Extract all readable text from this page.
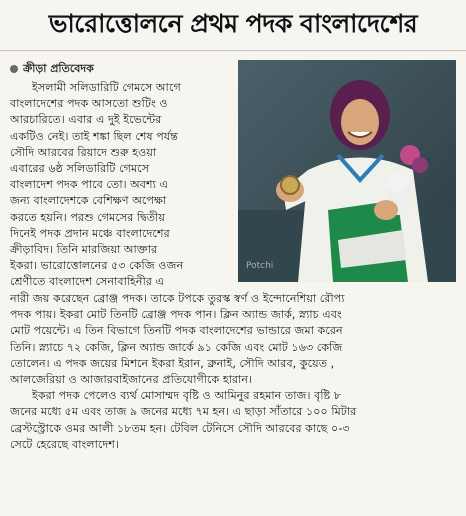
ভারোত্তোলনে প্রথম পদক বাংলাদেশের
ক্রীড়া প্রতিবেদক
ইসলামী সলিডারিটি গেমসে আগে
বাংলাদেশের পদক আসতো শুটিং ও
আরচারিতে। এবার এ দুই ইভেন্টের
একটিও নেই। তাই শঙ্কা ছিল শেষ পর্যন্ত
সৌদি আরবের রিয়াদে শুরু হওয়া
এবারের ৬ষ্ঠ সলিডারিটি গেমসে
বাংলাদেশ পদক পাবে তো। অবশ্য এ
জন্য বাংলাদেশকে বেশিক্ষণ অপেক্ষা
করতে হয়নি। পরশু গেমসের দ্বিতীয়
দিনেই পদক প্রদান মঞ্চে বাংলাদেশের
ক্রীড়াবিদ। তিনি মারজিয়া আক্তার
ইকরা। ভারোত্তোলনের ৫৩ কেজি ওজন
শ্রেণীতে বাংলাদেশ সেনাবাহিনীর এ
Potchi
নারী জয় করেছেন ব্রোঞ্জ পদক। তাকে টপকে তুরস্ক স্বর্ণ ও ইন্দোনেশিয়া রৌপ্য
পদক পায়। ইকরা মোট তিনটি ব্রোঞ্জ পদক পান। ক্লিন অ্যান্ড জার্ক, স্ন্যাচ এবং
মোট পয়েন্টে। এ তিন বিভাগে তিনটি পদক বাংলাদেশের ভান্ডারে জমা করেন
তিনি। স্ন্যাচে ৭২ কেজি, ক্লিন অ্যান্ড জার্কে ৯১ কেজি এবং মোট ১৬৩ কেজি
তোলেন। এ পদক জয়ের মিশনে ইকরা ইরান, ব্রুনাই, সৌদি আরব, কুয়েত ,
আলজেরিয়া ও আজারবাইজানের প্রতিযোগীকে হারান।
ইকরা পদক পেলেও ব্যর্থ মোসাম্মদ বৃষ্টি ও আমিনুর রহমান তাজ। বৃষ্টি ৮
জনের মধ্যে ৫ম এবং তাজ ৯ জনের মধ্যে ৭ম হন। এ ছাড়া সাঁতারে ১০০ মিটার
ব্রেস্টস্ট্রোকে ওমর আলী ১৮তম হন। টেবিল টেনিসে সৌদি আরবের কাছে ০-৩
সেটে হেরেছে বাংলাদেশ।
